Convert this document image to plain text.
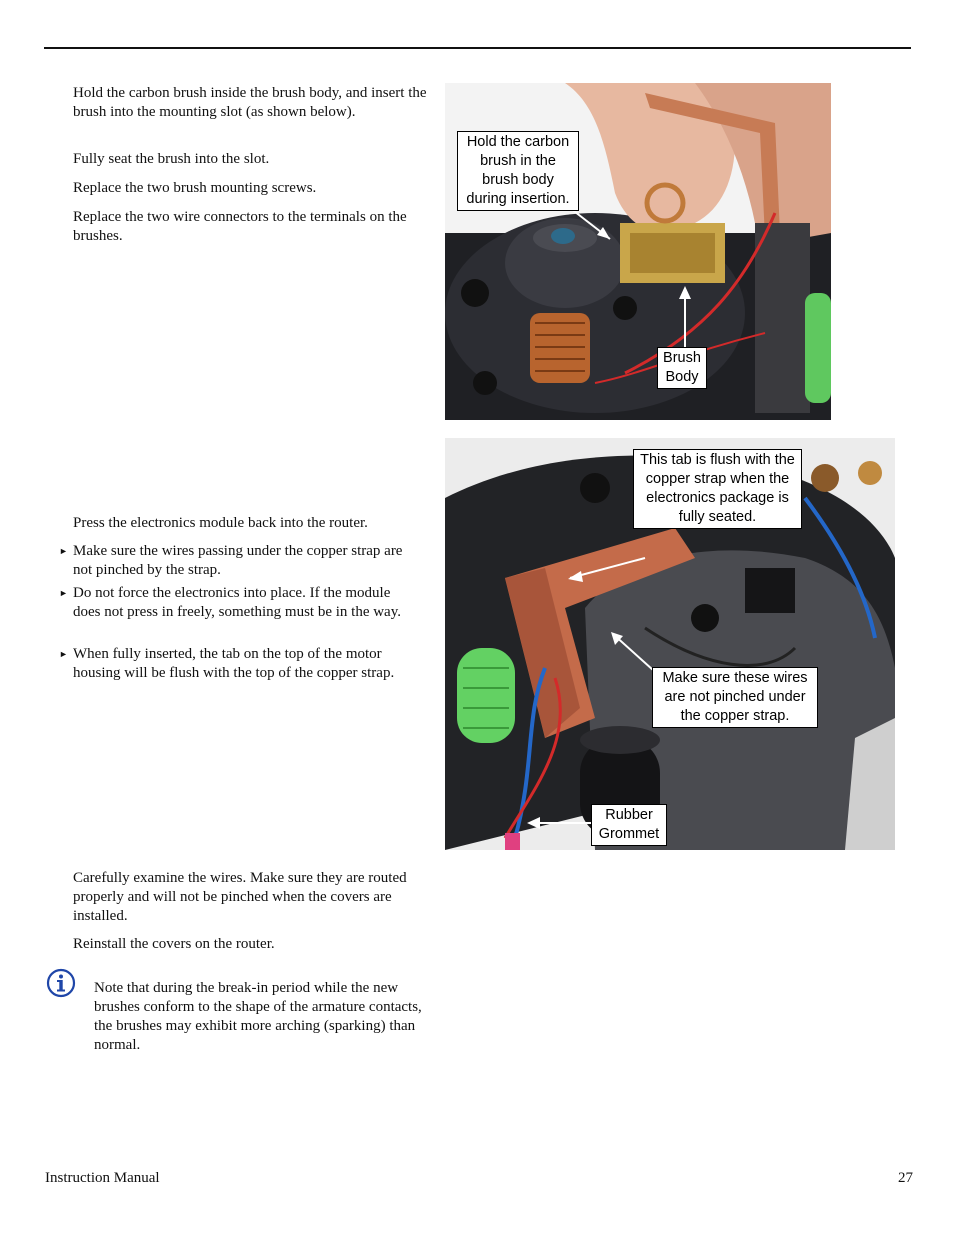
Hold the carbon brush inside the brush body, and insert the brush into the mounting slot (as shown below).

Fully seat the brush into the slot.

Replace the two brush mounting screws.

Replace the two wire connectors to the terminals on the brushes.

Hold the carbon brush in the brush body during insertion.
Brush Body

Press the electronics module back into the router.

► Make sure the wires passing under the copper strap are not pinched by the strap.
► Do not force the electronics into place. If the module does not press in freely, something must be in the way.
► When fully inserted, the tab on the top of the motor housing will be flush with the top of the copper strap.
This tab is flush with the copper strap when the electronics package is fully seated.
Make sure these wires are not pinched under the copper strap.
Rubber Grommet

Carefully examine the wires. Make sure they are routed properly and will not be pinched when the covers are installed.

Reinstall the covers on the router.

Note that during the break-in period while the new brushes conform to the shape of the armature contacts, the brushes may exhibit more arching (sparking) than normal.

Instruction Manual	27
